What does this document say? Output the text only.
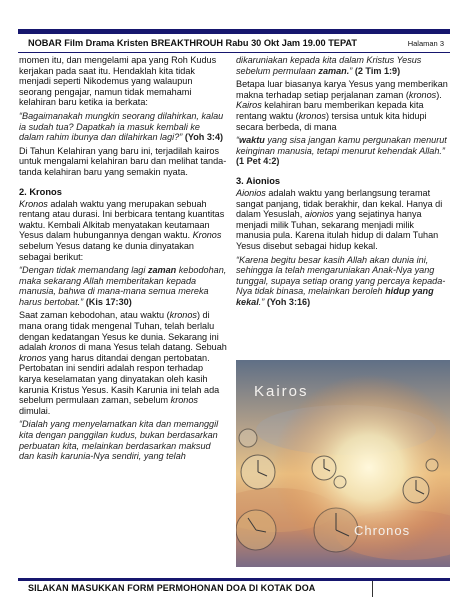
NOBAR Film Drama Kristen BREAKTHROUH Rabu 30 Okt Jam 19.00 TEPAT	Halaman 3

momen itu, dan mengelami apa yang Roh Kudus kerjakan pada saat itu. Hendaklah kita tidak menjadi seperti Nikodemus yang walaupun seorang pengajar, namun tidak memahami kelahiran baru ketika ia berkata:

“Bagaimanakah mungkin seorang dilahirkan, kalau ia sudah tua? Dapatkah ia masuk kembali ke dalam rahim ibunya dan dilahirkan lagi?” (Yoh 3:4)

Di Tahun Kelahiran yang baru ini, terjadilah kairos untuk mengalami kelahiran baru dan melihat tanda-tanda kelahiran baru yang semakin nyata.

2. Kronos

Kronos adalah waktu yang merupakan sebuah rentang atau durasi. Ini berbicara tentang kuantitas waktu. Kembali Alkitab menyatakan keutamaan Yesus dalam hubungannya dengan waktu. Kronos sebelum Yesus datang ke dunia dinyatakan sebagai berikut:

“Dengan tidak memandang lagi zaman kebodohan, maka sekarang Allah memberitakan kepada manusia, bahwa di mana-mana semua mereka harus bertobat.” (Kis 17:30)

Saat zaman kebodohan, atau waktu (kronos) di mana orang tidak mengenal Tuhan, telah berlalu dengan kedatangan Yesus ke dunia. Sekarang ini adalah kronos di mana Yesus telah datang. Sebuah kronos yang harus ditandai dengan pertobatan. Pertobatan ini sendiri adalah respon terhadap karya keselamatan yang dinyatakan oleh kasih karunia Kristus Yesus. Kasih Karunia ini telah ada sebelum permulaan zaman, sebelum kronos dimulai.

“Dialah yang menyelamatkan kita dan memanggil kita dengan panggilan kudus, bukan berdasarkan perbuatan kita, melainkan berdasarkan maksud dan kasih karunia-Nya sendiri, yang telah

dikaruniakan kepada kita dalam Kristus Yesus sebelum permulaan zaman.” (2 Tim 1:9)

Betapa luar biasanya karya Yesus yang memberikan makna terhadap setiap perjalanan zaman (kronos). Kairos kelahiran baru memberikan kepada kita rentang waktu (kronos) tersisa untuk kita hidupi secara berbeda, di mana

“waktu yang sisa jangan kamu pergunakan menurut keinginan manusia, tetapi menurut kehendak Allah.” (1 Pet 4:2)

3. Aionios

Aionios adalah waktu yang berlangsung teramat sangat panjang, tidak berakhir, dan kekal. Hanya di dalam Yesuslah, aionios yang sejatinya hanya menjadi milik Tuhan, sekarang menjadi milik manusia pula. Karena itulah hidup di dalam Tuhan Yesus disebut sebagai hidup kekal.

“Karena begitu besar kasih Allah akan dunia ini, sehingga la telah mengaruniakan Anak-Nya yang tunggal, supaya setiap orang yang percaya kepada-Nya tidak binasa, melainkan beroleh hidup yang kekal.” (Yoh 3:16)

Kairos
Chronos
SILAKAN MASUKKAN FORM PERMOHONAN DOA DI KOTAK DOA
